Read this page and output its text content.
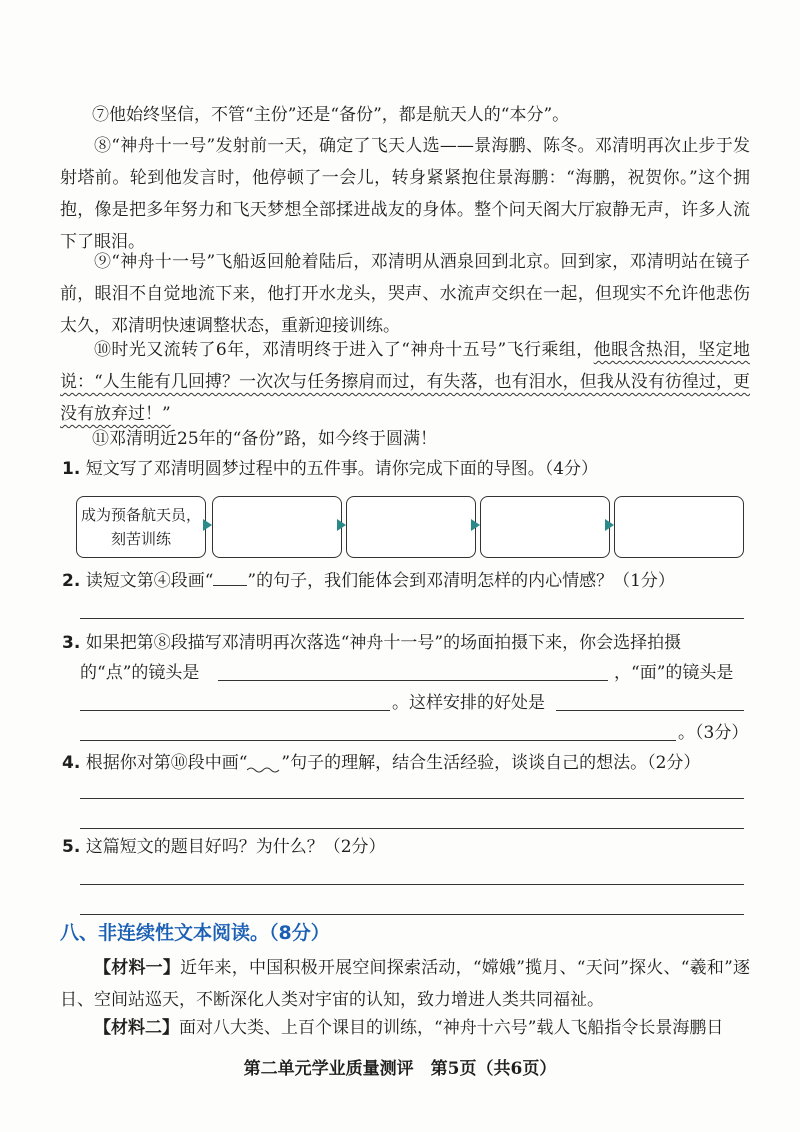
⑦他始终坚信，不管“主份”还是“备份”，都是航天人的“本分”。
⑧“神舟十一号”发射前一天，确定了飞天人选——景海鹏、陈冬。邓清明再次止步于发射塔前。轮到他发言时，他停顿了一会儿，转身紧紧抱住景海鹏：“海鹏，祝贺你。”这个拥抱，像是把多年努力和飞天梦想全部揉进战友的身体。整个问天阁大厅寂静无声，许多人流下了眼泪。
⑨“神舟十一号”飞船返回舱着陆后，邓清明从酒泉回到北京。回到家，邓清明站在镜子前，眼泪不自觉地流下来，他打开水龙头，哭声、水流声交织在一起，但现实不允许他悲伤太久，邓清明快速调整状态，重新迎接训练。
⑩时光又流转了6年，邓清明终于进入了“神舟十五号”飞行乘组，他眼含热泪，坚定地说：“人生能有几回搏？一次次与任务擦肩而过，有失落，也有泪水，但我从没有彷徨过，更没有放弃过！”
⑪邓清明近25年的“备份”路，如今终于圆满！
1. 短文写了邓清明圆梦过程中的五件事。请你完成下面的导图。（4分）
成为预备航天员，刻苦训练
2. 读短文第④段画“ ”的句子，我们能体会到邓清明怎样的内心情感？（1分）
3. 如果把第⑧段描写邓清明再次落选“神舟十一号”的场面拍摄下来，你会选择拍摄
的“点”的镜头是	，“面”的镜头是
。这样安排的好处是
。（3分）
4. 根据你对第⑩段中画“ ”句子的理解，结合生活经验，谈谈自己的想法。（2分）
5. 这篇短文的题目好吗？为什么？（2分）
八、非连续性文本阅读。（8分）
【材料一】近年来，中国积极开展空间探索活动，“嫦娥”揽月、“天问”探火、“羲和”逐日、空间站巡天，不断深化人类对宇宙的认知，致力增进人类共同福祉。
【材料二】面对八大类、上百个课目的训练，“神舟十六号”载人飞船指令长景海鹏日
第二单元学业质量测评　第5页（共6页）
